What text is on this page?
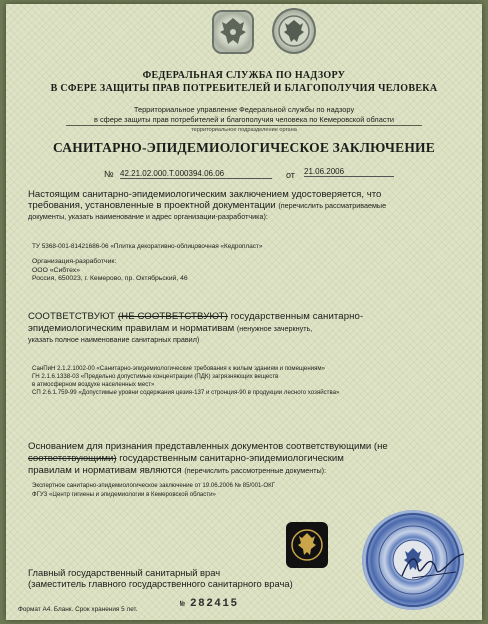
ФЕДЕРАЛЬНАЯ СЛУЖБА ПО НАДЗОРУ
В СФЕРЕ ЗАЩИТЫ ПРАВ ПОТРЕБИТЕЛЕЙ И БЛАГОПОЛУЧИЯ ЧЕЛОВЕКА
Территориальное управление Федеральной службы по надзору
в сфере защиты прав потребителей и благополучия человека по Кемеровской области
территориальное подразделение органа
САНИТАРНО-ЭПИДЕМИОЛОГИЧЕСКОЕ ЗАКЛЮЧЕНИЕ
№ 42.21.02.000.Т.000394.06.06	от 21.06.2006
Настоящим санитарно-эпидемиологическим заключением удостоверяется, что
требования, установленные в проектной документации (перечислить рассматриваемые
документы, указать наименование и адрес организации-разработчика):
ТУ 5368-001-81421686-06 «Плитка декоративно-облицовочная «Кедропласт»
Организация-разработчик:
ООО «Сибтех»
Россия, 650023, г. Кемерово, пр. Октябрьский, 46
СООТВЕТСТВУЮТ (НЕ СООТВЕТСТВУЮТ) государственным санитарно-
эпидемиологическим правилам и нормативам (ненужное зачеркнуть,
указать полное наименование санитарных правил)
СанПиН 2.1.2.1002-00 «Санитарно-эпидемиологические требования к жилым зданиям и помещениям»
ГН 2.1.6.1338-03 «Предельно допустимые концентрации (ПДК) загрязняющих веществ
в атмосферном воздухе населенных мест»
СП 2.6.1.759-99 «Допустимые уровни содержания цезия-137 и стронция-90 в продукции лесного хозяйства»
Основанием для признания представленных документов соответствующими (не
соответствующими) государственным санитарно-эпидемиологическим
правилам и нормативам являются (перечислить рассмотренные документы):
Экспертное санитарно-эпидемиологическое заключение от 19.06.2006 № 85/001-ОКГ
ФГУЗ «Центр гигиены и эпидемиологии в Кемеровской области»
Главный государственный санитарный врач
(заместитель главного государственного санитарного врача)
Формат А4. Бланк. Срок хранения 5 лет.
№ 282415
